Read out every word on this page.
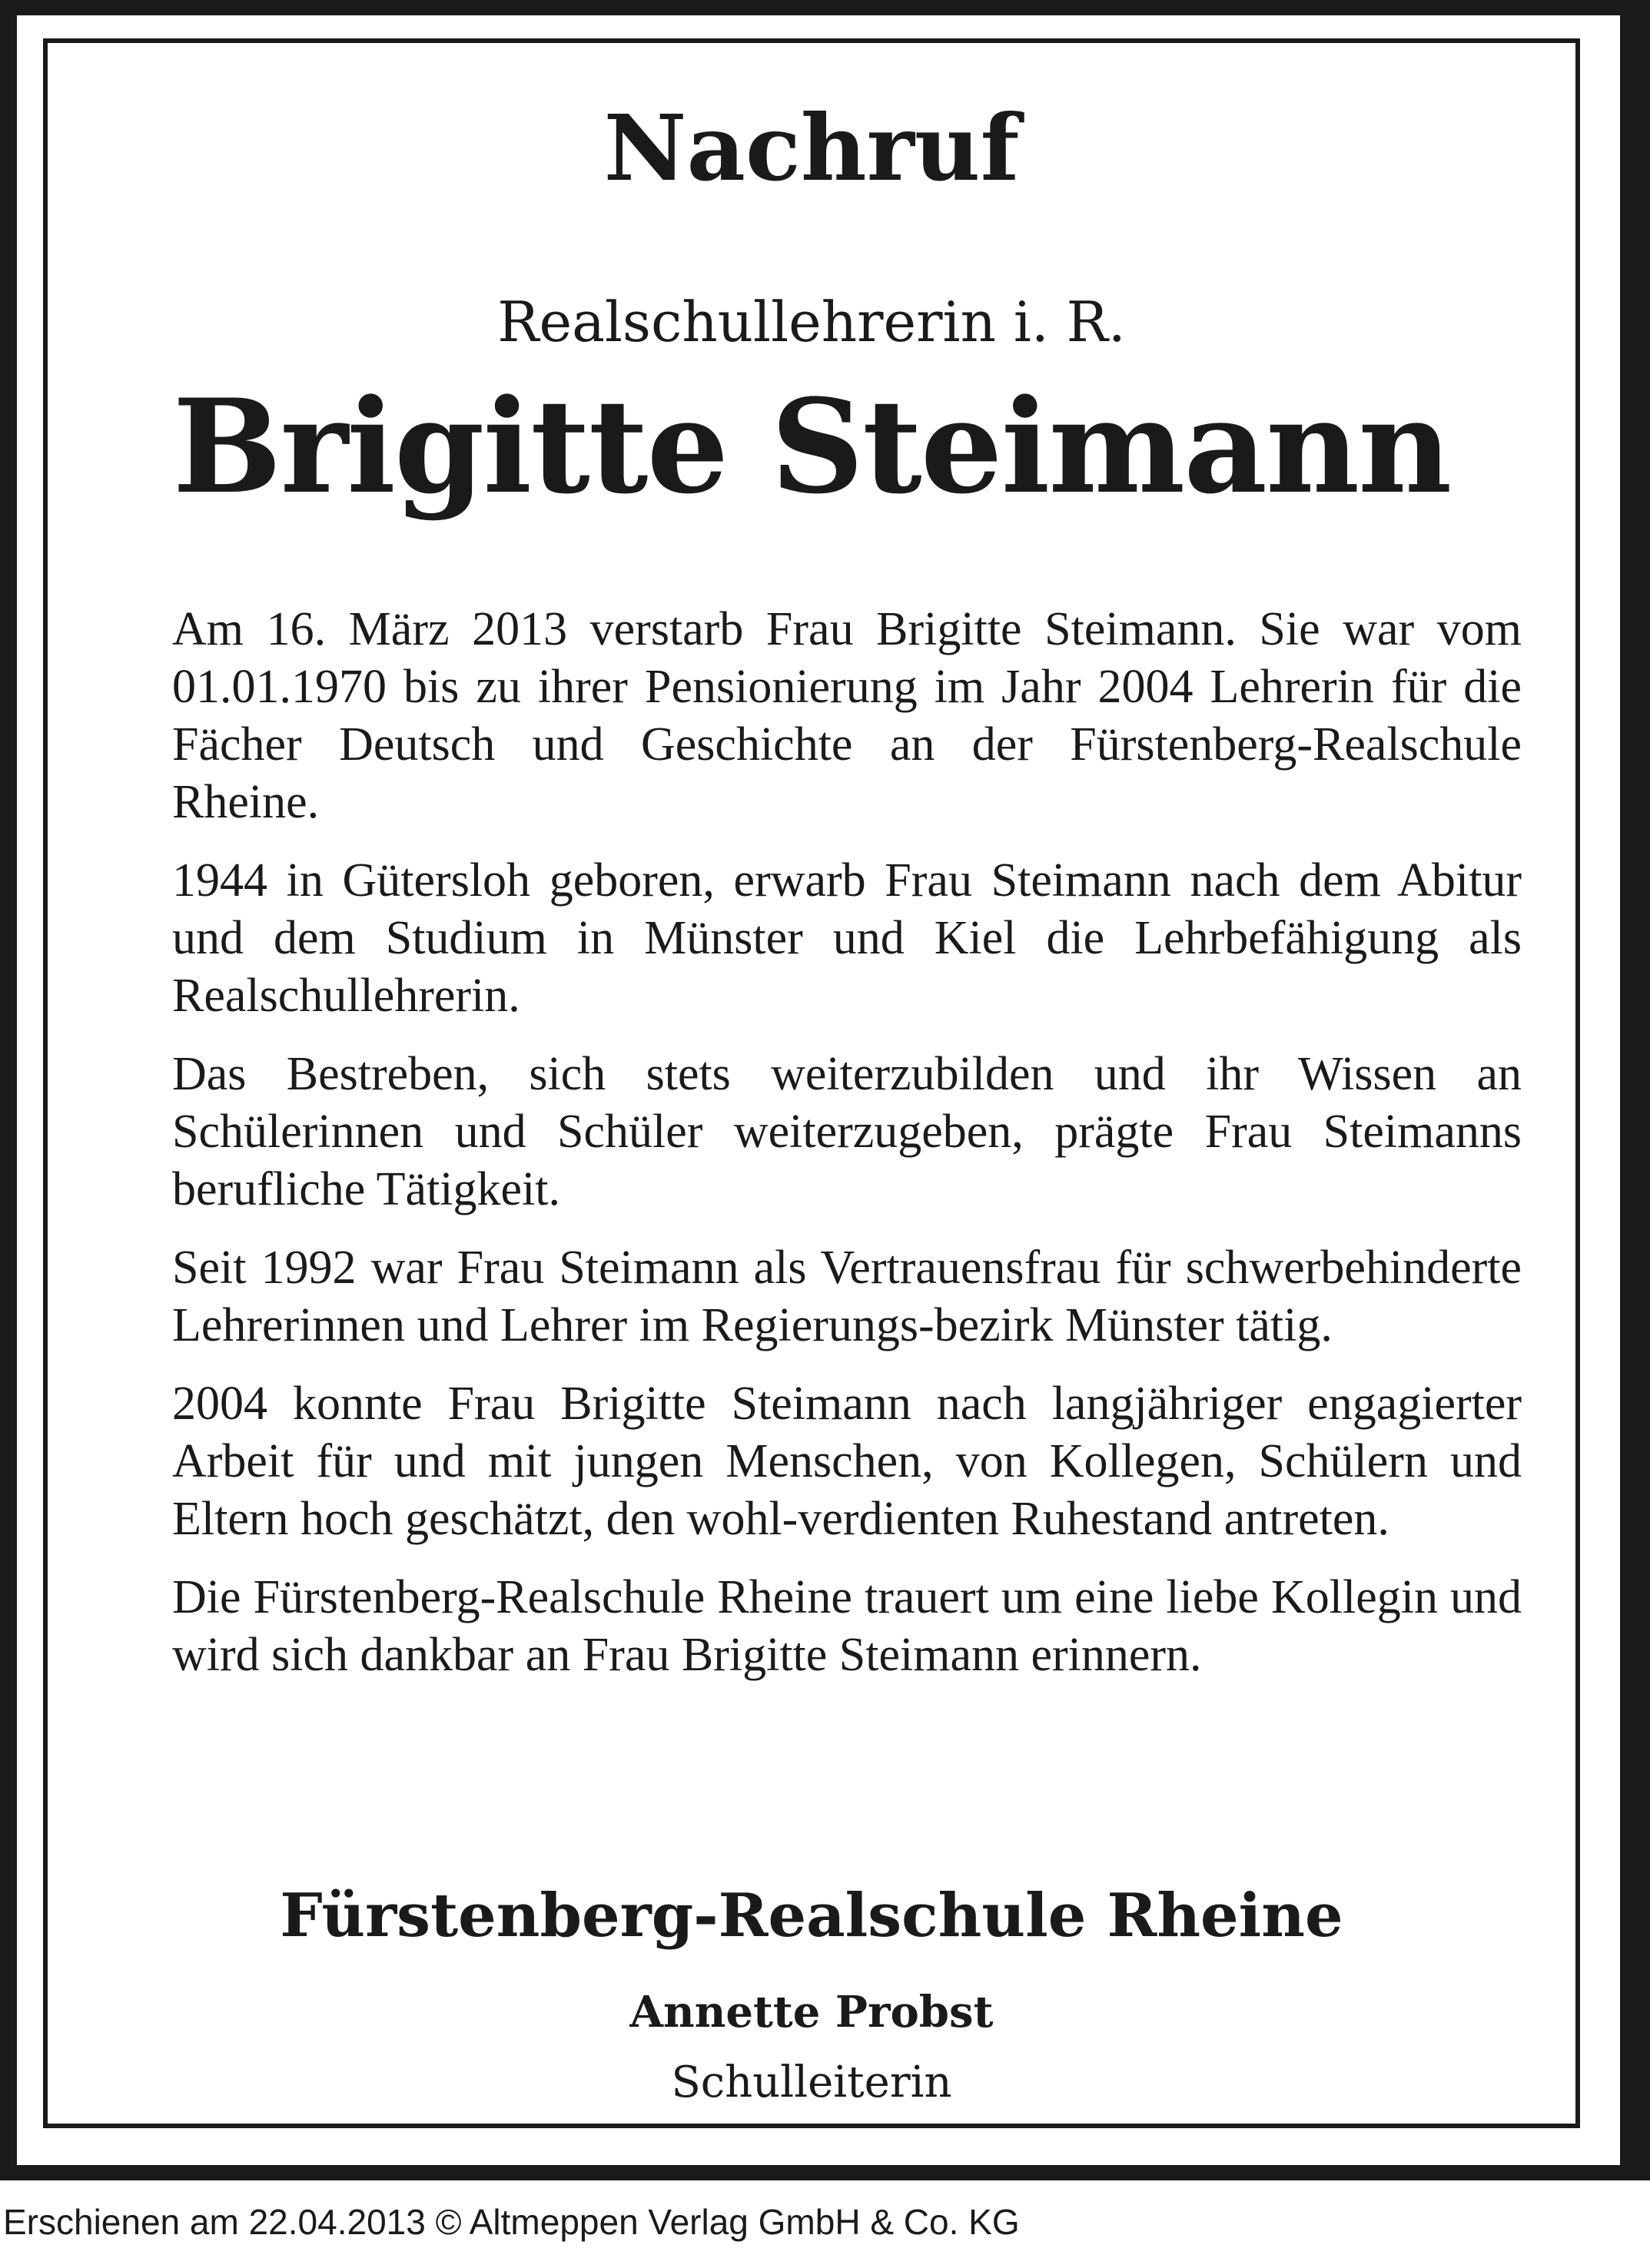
Nachruf
Realschullehrerin i. R.
Brigitte Steimann

Am 16. März 2013 verstarb Frau Brigitte Steimann. Sie war vom 01.01.1970 bis zu ihrer Pensionierung im Jahr 2004 Lehrerin für die Fächer Deutsch und Geschichte an der Fürstenberg-Realschule Rheine.

1944 in Gütersloh geboren, erwarb Frau Steimann nach dem Abitur und dem Studium in Münster und Kiel die Lehrbefähigung als Realschullehrerin.

Das Bestreben, sich stets weiterzubilden und ihr Wissen an Schülerinnen und Schüler weiterzugeben, prägte Frau Steimanns berufliche Tätigkeit.

Seit 1992 war Frau Steimann als Vertrauensfrau für schwerbehinderte Lehrerinnen und Lehrer im Regierungs-bezirk Münster tätig.

2004 konnte Frau Brigitte Steimann nach langjähriger engagierter Arbeit für und mit jungen Menschen, von Kollegen, Schülern und Eltern hoch geschätzt, den wohl-verdienten Ruhestand antreten.

Die Fürstenberg-Realschule Rheine trauert um eine liebe Kollegin und wird sich dankbar an Frau Brigitte Steimann erinnern.

Fürstenberg-Realschule Rheine
Annette Probst
Schulleiterin
Erschienen am 22.04.2013 © Altmeppen Verlag GmbH & Co. KG
